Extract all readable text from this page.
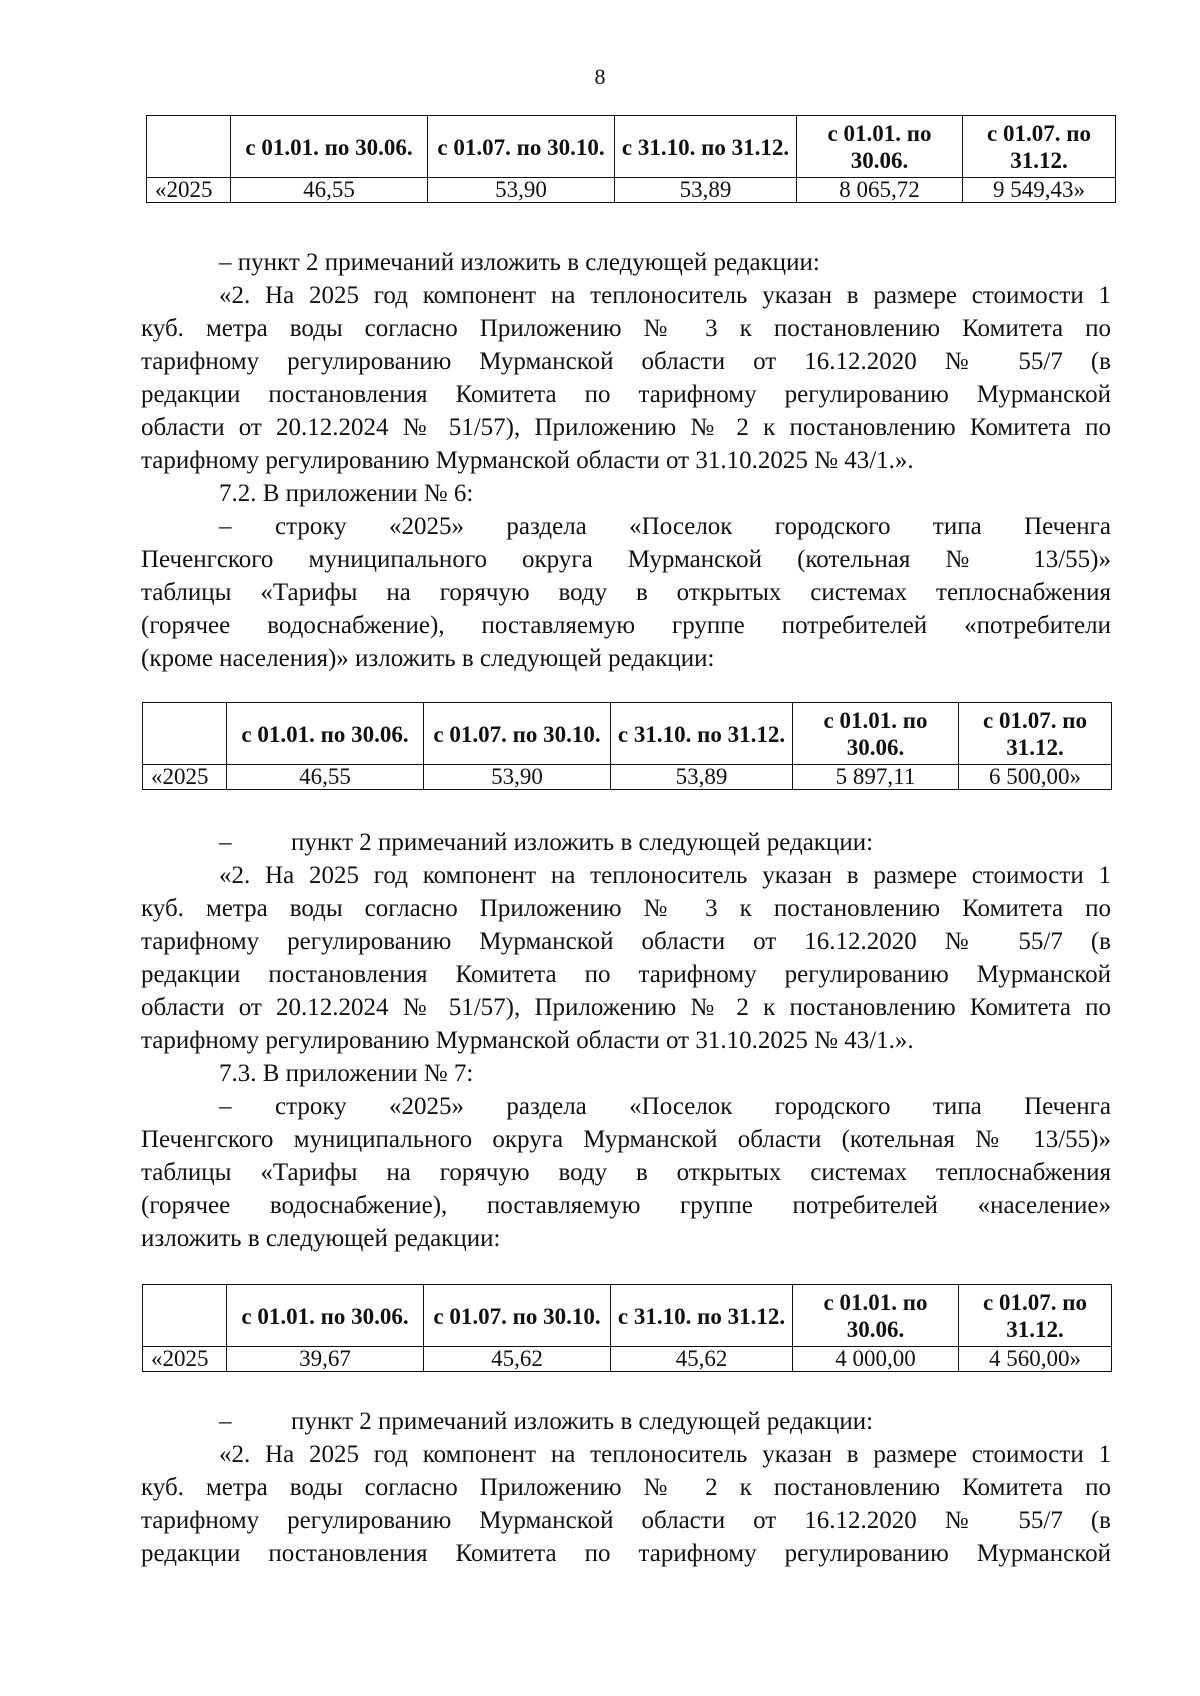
8
	с 01.01. по 30.06.	с 01.07. по 30.10.	с 31.10. по 31.12.	с 01.01. по 30.06.	с 01.07. по 31.12.
«2025	46,55	53,90	53,89	8 065,72	9 549,43»
– пункт 2 примечаний изложить в следующей редакции:
«2. На 2025 год компонент на теплоноситель указан в размере стоимости 1
куб. метра воды согласно Приложению № 3 к постановлению Комитета по
тарифному регулированию Мурманской области от 16.12.2020 № 55/7 (в
редакции постановления Комитета по тарифному регулированию Мурманской
области от 20.12.2024 № 51/57), Приложению № 2 к постановлению Комитета по
тарифному регулированию Мурманской области от 31.10.2025 № 43/1.».
7.2. В приложении № 6:
– строку «2025» раздела «Поселок городского типа Печенга
Печенгского муниципального округа Мурманской (котельная № 13/55)»
таблицы «Тарифы на горячую воду в открытых системах теплоснабжения
(горячее водоснабжение), поставляемую группе потребителей «потребители
(кроме населения)» изложить в следующей редакции:
	с 01.01. по 30.06.	с 01.07. по 30.10.	с 31.10. по 31.12.	с 01.01. по 30.06.	с 01.07. по 31.12.
«2025	46,55	53,90	53,89	5 897,11	6 500,00»
– пункт 2 примечаний изложить в следующей редакции:
«2. На 2025 год компонент на теплоноситель указан в размере стоимости 1
куб. метра воды согласно Приложению № 3 к постановлению Комитета по
тарифному регулированию Мурманской области от 16.12.2020 № 55/7 (в
редакции постановления Комитета по тарифному регулированию Мурманской
области от 20.12.2024 № 51/57), Приложению № 2 к постановлению Комитета по
тарифному регулированию Мурманской области от 31.10.2025 № 43/1.».
7.3. В приложении № 7:
– строку «2025» раздела «Поселок городского типа Печенга
Печенгского муниципального округа Мурманской области (котельная № 13/55)»
таблицы «Тарифы на горячую воду в открытых системах теплоснабжения
(горячее водоснабжение), поставляемую группе потребителей «население»
изложить в следующей редакции:
	с 01.01. по 30.06.	с 01.07. по 30.10.	с 31.10. по 31.12.	с 01.01. по 30.06.	с 01.07. по 31.12.
«2025	39,67	45,62	45,62	4 000,00	4 560,00»
– пункт 2 примечаний изложить в следующей редакции:
«2. На 2025 год компонент на теплоноситель указан в размере стоимости 1
куб. метра воды согласно Приложению № 2 к постановлению Комитета по
тарифному регулированию Мурманской области от 16.12.2020 № 55/7 (в
редакции постановления Комитета по тарифному регулированию Мурманской
